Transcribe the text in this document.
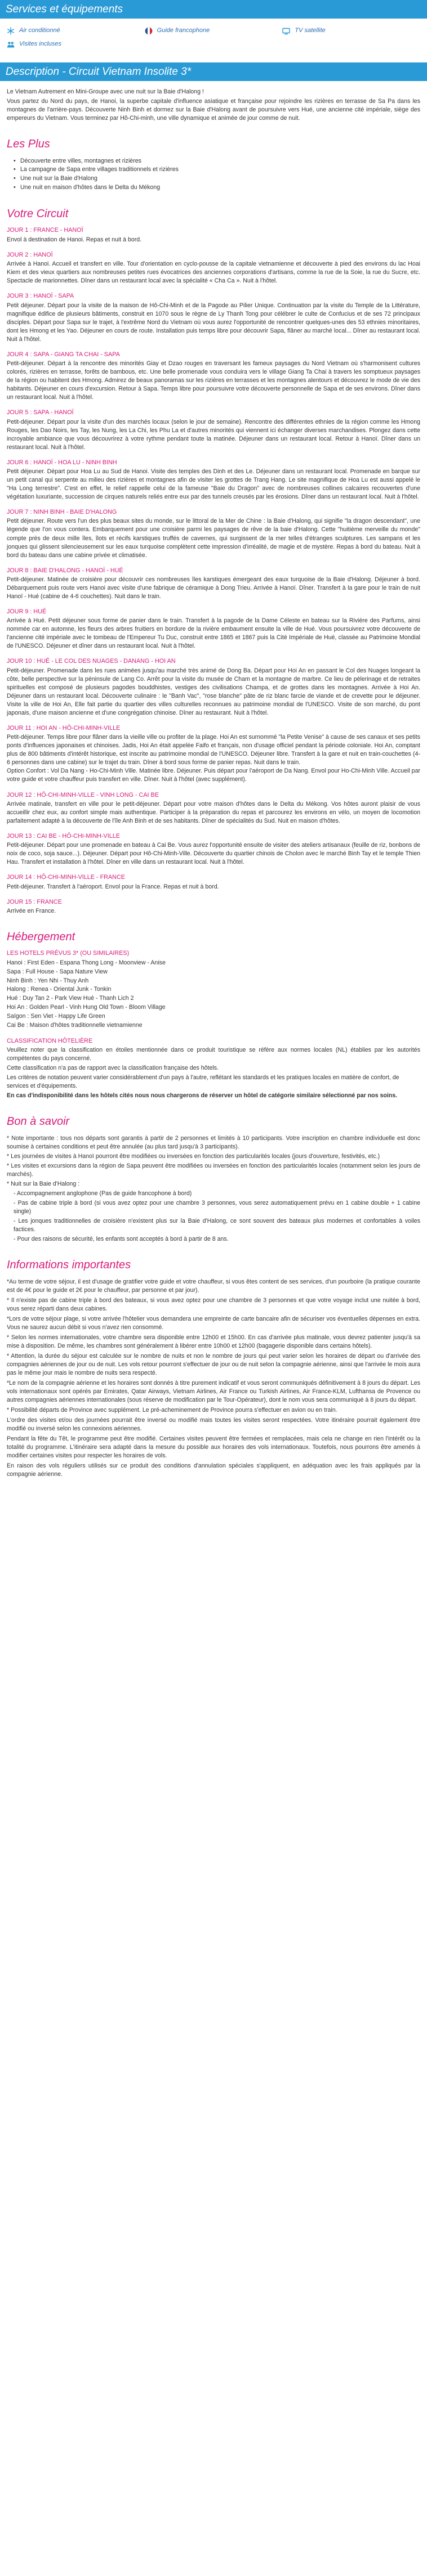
Services et équipements
Air conditionné	Guide francophone	TV satellite
Visites incluses
Description - Circuit Vietnam Insolite 3*

Le Vietnam Autrement en Mini-Groupe avec une nuit sur la Baie d'Halong !

Vous partez du Nord du pays, de Hanoi, la superbe capitale d'influence asiatique et française pour rejoindre les rizières en terrasse de Sa Pa dans les montagnes de l'arrière-pays. Découverte Ninh Binh et dormez sur la Baie d'Halong avant de poursuivre vers Hué, une ancienne cité impériale, siège des empereurs du Vietnam. Vous terminez par Hô-Chi-minh, une ville dynamique et animée de jour comme de nuit.

Les Plus
• Découverte entre villes, montagnes et rizières
• La campagne de Sapa entre villages traditionnels et rizières
• Une nuit sur la Baie d'Halong
• Une nuit en maison d'hôtes dans le Delta du Mékong
Votre Circuit
JOUR 1 : FRANCE - HANOÏ
Envol à destination de Hanoi. Repas et nuit à bord.
JOUR 2 : HANOÏ
Arrivée à Hanoi. Accueil et transfert en ville. Tour d'orientation en cyclo-pousse de la capitale vietnamienne et découverte à pied des environs du lac Hoai Kiem et des vieux quartiers aux nombreuses petites rues évocatrices des anciennes corporations d'artisans, comme la rue de la Soie, la rue du Sucre, etc. Spectacle de marionnettes. Dîner dans un restaurant local avec la spécialité « Cha Ca ». Nuit à l'hôtel.
JOUR 3 : HANOÏ - SAPA
Petit déjeuner. Départ pour la visite de la maison de Hô-Chi-Minh et de la Pagode au Pilier Unique. Continuation par la visite du Temple de la Littérature, magnifique édifice de plusieurs bâtiments, construit en 1070 sous le règne de Ly Thanh Tong pour célébrer le culte de Confucius et de ses 72 principaux disciples. Départ pour Sapa sur le trajet, à l'extrême Nord du Vietnam où vous aurez l'opportunité de rencontrer quelques-unes des 53 ethnies minoritaires, dont les Hmong et les Yao. Déjeuner en cours de route. Installation puis temps libre pour découvrir Sapa, flâner au marché local... Dîner au restaurant local. Nuit à l'hôtel.
JOUR 4 : SAPA - GIANG TA CHAI - SAPA
Petit-déjeuner. Départ à la rencontre des minorités Giay et Dzao rouges en traversant les fameux paysages du Nord Vietnam où s'harmonisent cultures colorés, rizières en terrasse, forêts de bambous, etc. Une belle promenade vous conduira vers le village Giang Ta Chai à travers les somptueux paysages de la région ou habitent des Hmong. Admirez de beaux panoramas sur les rizières en terrasses et les montagnes alentours et découvrez le mode de vie des habitants. Déjeuner en cours d'excursion. Retour à Sapa. Temps libre pour poursuivre votre découverte personnelle de Sapa et de ses environs. Dîner dans un restaurant local. Nuit à l'hôtel.
JOUR 5 : SAPA - HANOÏ
Petit-déjeuner. Départ pour la visite d'un des marchés locaux (selon le jour de semaine). Rencontre des différentes ethnies de la région comme les Hmong Rouges, les Dao Noirs, les Tay, les Nung, les La Chi, les Phu La et d'autres minorités qui viennent ici échanger diverses marchandises. Plongez dans cette incroyable ambiance que vous découvrirez à votre rythme pendant toute la matinée. Déjeuner dans un restaurant local. Retour à Hanoï. Dîner dans un restaurant local. Nuit à l'hôtel.
JOUR 6 : HANOÏ - HOA LU - NINH BINH
Petit déjeuner. Départ pour Hoa Lu au Sud de Hanoi. Visite des temples des Dinh et des Le. Déjeuner dans un restaurant local. Promenade en barque sur un petit canal qui serpente au milieu des rizières et montagnes afin de visiter les grottes de Trang Hang. Le site magnifique de Hoa Lu est aussi appelé le "Ha Long terrestre". C'est en effet, le relief rappelle celui de la fameuse "Baie du Dragon" avec de nombreuses collines calcaires recouvertes d'une végétation luxuriante, succession de cirques naturels reliés entre eux par des tunnels creusés par les érosions. Dîner dans un restaurant local. Nuit à l'hôtel.
JOUR 7 : NINH BINH - BAIE D'HALONG
Petit déjeuner. Route vers l'un des plus beaux sites du monde, sur le littoral de la Mer de Chine : la Baie d'Halong, qui signifie "la dragon descendant", une légende que l'on vous contera. Embarquement pour une croisière parmi les paysages de rêve de la baie d'Halong. Cette "huitième merveille du monde" compte près de deux mille îles, îlots et récifs karstiques truffés de cavernes, qui surgissent de la mer telles d'étranges sculptures. Les sampans et les jonques qui glissent silencieusement sur les eaux turquoise complètent cette impression d'irréalité, de magie et de mystère. Repas à bord du bateau. Nuit à bord du bateau dans une cabine privée et climatisée.
JOUR 8 : BAIE D'HALONG - HANOÏ - HUÉ
Petit-déjeuner. Matinée de croisière pour découvrir ces nombreuses îles karstiques émergeant des eaux turquoise de la Baie d'Halong. Déjeuner à bord. Débarquement puis route vers Hanoi avec visite d'une fabrique de céramique à Dong Trieu. Arrivée à Hanoï. Dîner. Transfert à la gare pour le train de nuit Hanoï - Hué (cabine de 4-6 couchettes). Nuit dans le train.
JOUR 9 : HUÉ
Arrivée à Hué. Petit déjeuner sous forme de panier dans le train. Transfert à la pagode de la Dame Céleste en bateau sur la Rivière des Parfums, ainsi nommée car en automne, les fleurs des arbres fruitiers en bordure de la rivière embaument ensuite la ville de Hué. Vous poursuivrez votre découverte de l'ancienne cité impériale avec le tombeau de l'Empereur Tu Duc, construit entre 1865 et 1867 puis la Cité Impériale de Hué, classée au Patrimoine Mondial de l'UNESCO. Déjeuner et dîner dans un restaurant local. Nuit à l'hôtel.
JOUR 10 : HUÉ - LE COL DES NUAGES - DANANG - HOI AN
Petit-déjeuner. Promenade dans les rues animées jusqu'au marché très animé de Dong Ba. Départ pour Hoi An en passant le Col des Nuages longeant la côte, belle perspective sur la péninsule de Lang Co. Arrêt pour la visite du musée de Cham et la montagne de marbre. Ce lieu de pèlerinage et de retraites spirituelles est composé de plusieurs pagodes bouddhistes, vestiges des civilisations Champa, et de grottes dans les montagnes. Arrivée à Hoi An. Déjeuner dans un restaurant local. Découverte culinaire : le "Banh Vac", "rose blanche" pâte de riz blanc farcie de viande et de crevette pour le déjeuner. Visite la ville de Hoi An, Elle fait partie du quartier des villes culturelles reconnues au patrimoine mondial de l'UNESCO. Visite de son marché, du pont japonais, d'une maison ancienne et d'une congrégation chinoise. Dîner au restaurant. Nuit à l'hôtel.
JOUR 11 : HOI AN - HÔ-CHI-MINH-VILLE
Petit-déjeuner. Temps libre pour flâner dans la vieille ville ou profiter de la plage. Hoi An est surnommé "la Petite Venise" à cause de ses canaux et ses petits ponts d'influences japonaises et chinoises. Jadis, Hoi An était appelée Faifo et français, non d'usage officiel pendant la période coloniale. Hoi An, comptant plus de 800 bâtiments d'intérêt historique, est inscrite au patrimoine mondial de l'UNESCO. Déjeuner libre. Transfert à la gare et nuit en train-couchettes (4-6 personnes dans une cabine) sur le trajet du train. Dîner à bord sous forme de panier repas. Nuit dans le train.
Option Confort : Vol Da Nang - Ho-Chi-Minh Ville. Matinée libre. Déjeuner. Puis départ pour l'aéroport de Da Nang. Envol pour Ho-Chi-Minh Ville. Accueil par votre guide et votre chauffeur puis transfert en ville. Dîner. Nuit à l'hôtel (avec supplément).
JOUR 12 : HÔ-CHI-MINH-VILLE - VINH LONG - CAI BE
Arrivée matinale, transfert en ville pour le petit-déjeuner. Départ pour votre maison d'hôtes dans le Delta du Mékong. Vos hôtes auront plaisir de vous accueillir chez eux, au confort simple mais authentique. Participer à la préparation du repas et parcourez les environs en vélo, un moyen de locomotion parfaitement adapté à la découverte de l'île Anh Binh et de ses habitants. Dîner de spécialités du Sud. Nuit en maison d'hôtes.
JOUR 13 : CAI BE - HÔ-CHI-MINH-VILLE
Petit-déjeuner. Départ pour une promenade en bateau à Cai Be. Vous aurez l'opportunité ensuite de visiter des ateliers artisanaux (feuille de riz, bonbons de noix de coco, soja sauce...). Déjeuner. Départ pour Hô-Chi-Minh-Ville. Découverte du quartier chinois de Cholon avec le marché Binh Tay et le temple Thien Hau. Transfert et installation à l'hôtel. Dîner en ville dans un restaurant local. Nuit à l'hôtel.
JOUR 14 : HÔ-CHI-MINH-VILLE - FRANCE
Petit-déjeuner. Transfert à l'aéroport. Envol pour la France. Repas et nuit à bord.
JOUR 15 : FRANCE
Arrivée en France.
Hébergement
LES HOTELS PRÉVUS 3* (OU SIMILAIRES)
Hanoi : First Eden - Espana Thong Long - Moonview - Anise
Sapa : Full House - Sapa Nature View
Ninh Binh : Yen Nhi - Thuy Anh
Halong : Renea - Oriental Junk - Tonkin
Hué : Duy Tan 2 - Park View Hué - Thanh Lich 2
Hoi An : Golden Pearl - Vinh Hung Old Town - Bloom Village
Saïgon : Sen Viet - Happy Life Green
Cai Be : Maison d'hôtes traditionnelle vietnamienne
CLASSIFICATION HÔTELIÈRE

Veuillez noter que la classification en étoiles mentionnée dans ce produit touristique se réfère aux normes locales (NL) établies par les autorités compétentes du pays concerné.

Cette classification n'a pas de rapport avec la classification française des hôtels.

Les critères de notation peuvent varier considérablement d'un pays à l'autre, reflétant les standards et les pratiques locales en matière de confort, de services et d'équipements.

En cas d'indisponibilité dans les hôtels cités nous nous chargerons de réserver un hôtel de catégorie similaire sélectionné par nos soins.

Bon à savoir
* Note importante : tous nos départs sont garantis à partir de 2 personnes et limités à 10 participants. Votre inscription en chambre individuelle est donc soumise à certaines conditions et peut être annulée (au plus tard jusqu'à 3 participants).
* Les journées de visites à Hanoï pourront être modifiées ou inversées en fonction des particularités locales (jours d'ouverture, festivités, etc.)
* Les visites et excursions dans la région de Sapa peuvent être modifiées ou inversées en fonction des particularités locales (notamment selon les jours de marchés).
* Nuit sur la Baie d'Halong :
- Accompagnement anglophone (Pas de guide francophone à bord)
- Pas de cabine triple à bord (si vous avez optez pour une chambre 3 personnes, vous serez automatiquement prévu en 1 cabine double + 1 cabine single)
- Les jonques traditionnelles de croisière n'existent plus sur la Baie d'Halong, ce sont souvent des bateaux plus modernes et confortables à voiles factices.
- Pour des raisons de sécurité, les enfants sont acceptés à bord à partir de 8 ans.
Informations importantes
*Au terme de votre séjour, il est d'usage de gratifier votre guide et votre chauffeur, si vous êtes content de ses services, d'un pourboire (la pratique courante est de 4€ pour le guide et 2€ pour le chauffeur, par personne et par jour).
* Il n'existe pas de cabine triple à bord des bateaux, si vous avez optez pour une chambre de 3 personnes et que votre voyage inclut une nuitée à bord, vous serez réparti dans deux cabines.
*Lors de votre séjour plage, si votre arrivée l'hôtelier vous demandera une empreinte de carte bancaire afin de sécuriser vos éventuelles dépenses en extra. Vous ne saurez aucun débit si vous n'avez rien consommé.
* Selon les normes internationales, votre chambre sera disponible entre 12h00 et 15h00. En cas d'arrivée plus matinale, vous devrez patienter jusqu'à sa mise à disposition. De même, les chambres sont généralement à libérer entre 10h00 et 12h00 (bagagerie disponible dans certains hôtels).
* Attention, la durée du séjour est calculée sur le nombre de nuits et non le nombre de jours qui peut varier selon les horaires de départ ou d'arrivée des compagnies aériennes de jour ou de nuit. Les vols retour pourront s'effectuer de jour ou de nuit selon la compagnie aérienne, ainsi que l'arrivée le mois aura pas le même jour mais le nombre de nuits sera respecté.
*Le nom de la compagnie aérienne et les horaires sont donnés à titre purement indicatif et vous seront communiqués définitivement à 8 jours du départ. Les vols internationaux sont opérés par Emirates, Qatar Airways, Vietnam Airlines, Air France ou Turkish Airlines, Air France-KLM, Lufthansa de Provence ou autres compagnies aériennes internationales (sous réserve de modification par le Tour-Opérateur), dont le nom vous sera communiqué à 8 jours du départ.
* Possibilité départs de Province avec supplément. Le pré-acheminement de Province pourra s'effectuer en avion ou en train.
L'ordre des visites et/ou des journées pourrait être inversé ou modifié mais toutes les visites seront respectées. Votre itinéraire pourrait également être modifié ou inversé selon les connexions aériennes.
Pendant la fête du Têt, le programme peut être modifié. Certaines visites peuvent être fermées et remplacées, mais cela ne change en rien l'intérêt ou la totalité du programme. L'itinéraire sera adapté dans la mesure du possible aux horaires des vols internationaux. Toutefois, nous pourrons être amenés à modifier certaines visites pour respecter les horaires de vols.
En raison des vols réguliers utilisés sur ce produit des conditions d'annulation spéciales s'appliquent, en adéquation avec les frais appliqués par la compagnie aérienne.
